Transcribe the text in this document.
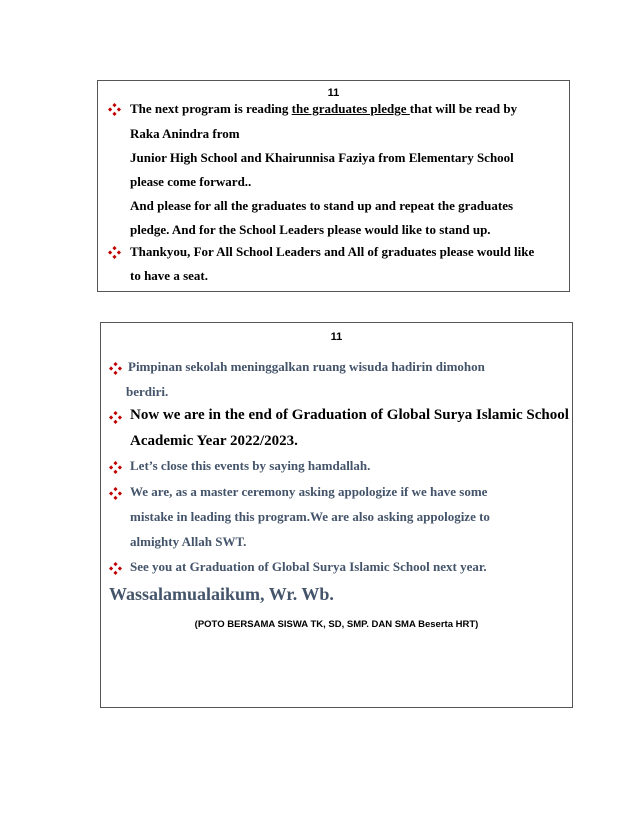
11
The next program is reading the graduates pledge that will be read by
Raka Anindra from
Junior High School and Khairunnisa Faziya from Elementary School
please come forward..
And please for all the graduates to stand up and repeat the graduates
pledge. And for the School Leaders please would like to stand up.
Thankyou, For All School Leaders and All of graduates please would like
to have a seat.
11
Pimpinan sekolah meninggalkan ruang wisuda hadirin dimohon
berdiri.
Now we are in the end of Graduation of Global Surya Islamic School
Academic Year 2022/2023.
Let’s close this events by saying hamdallah.
We are, as a master ceremony asking appologize if we have some
mistake in leading this program.We are also asking appologize to
almighty Allah SWT.
See you at Graduation of Global Surya Islamic School next year.
Wassalamualaikum, Wr. Wb.
(POTO BERSAMA SISWA TK, SD, SMP. DAN SMA Beserta HRT)
